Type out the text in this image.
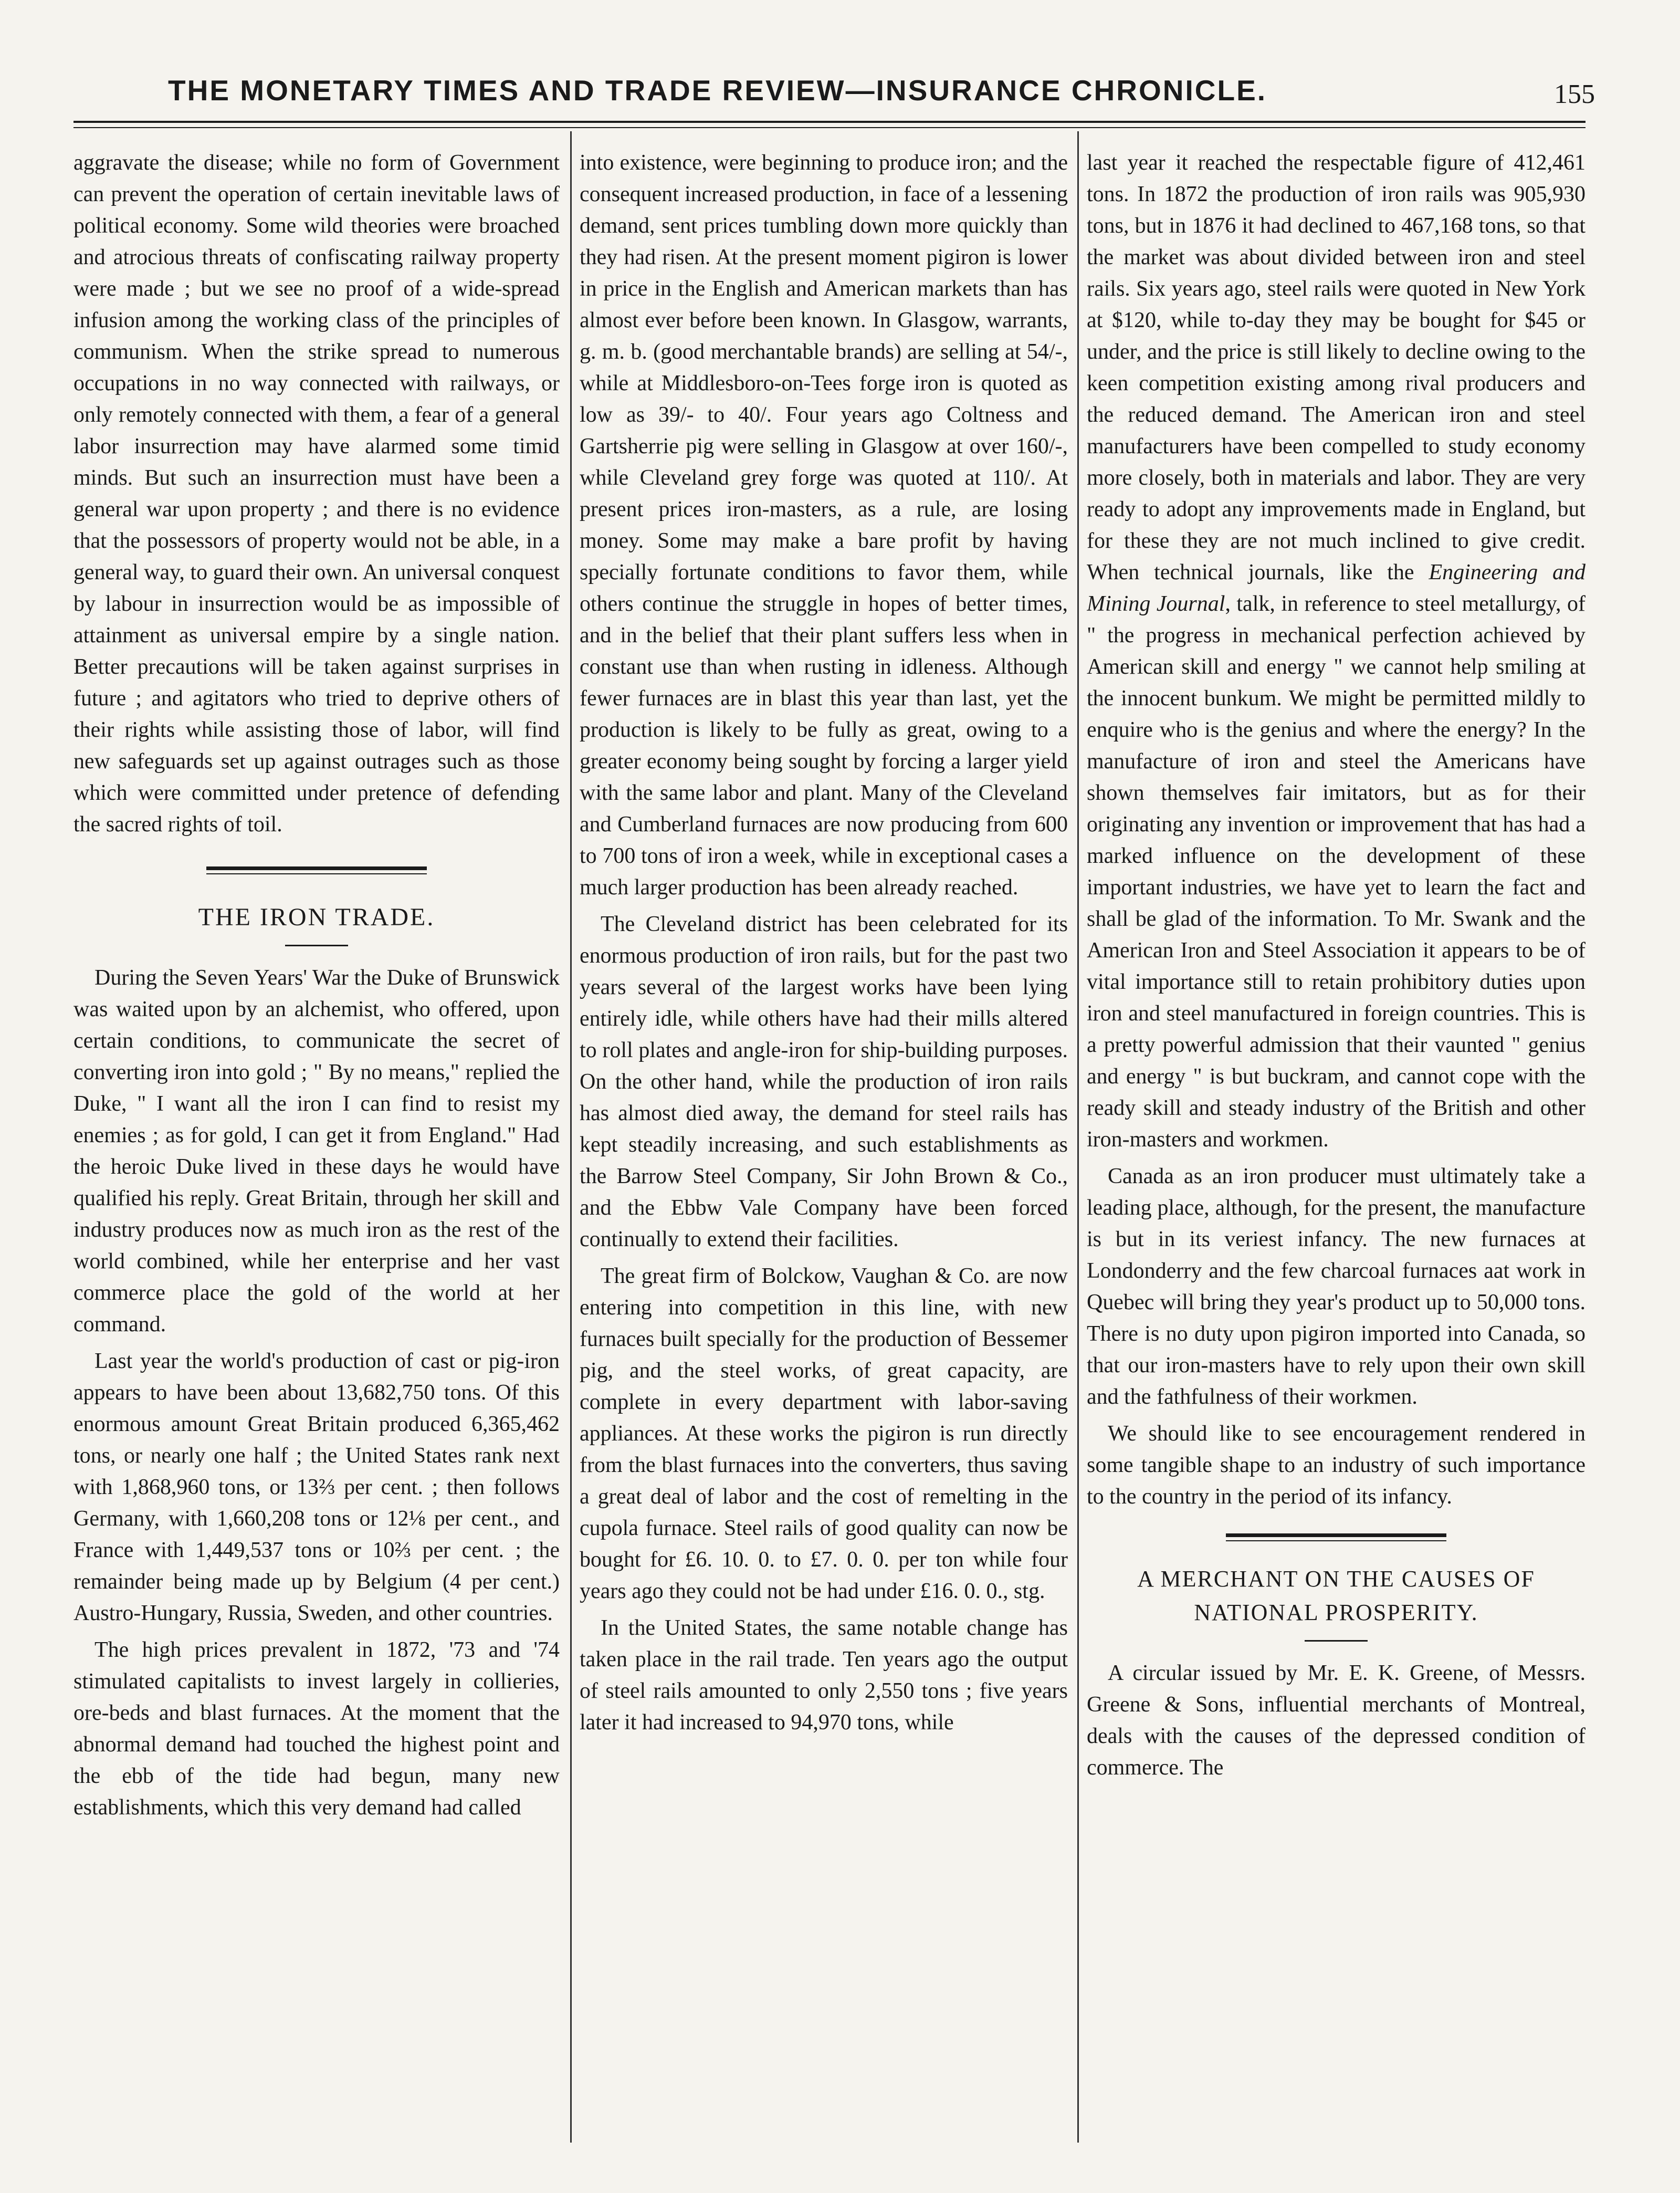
THE MONETARY TIMES AND TRADE REVIEW—INSURANCE CHRONICLE.	155

aggravate the disease; while no form of Government can prevent the operation of certain inevitable laws of political economy. Some wild theories were broached and atrocious threats of confiscating railway property were made ; but we see no proof of a wide-spread infusion among the working class of the principles of communism. When the strike spread to numerous occupations in no way connected with railways, or only remotely connected with them, a fear of a general labor insurrection may have alarmed some timid minds. But such an insurrection must have been a general war upon property ; and there is no evidence that the possessors of property would not be able, in a general way, to guard their own. An universal conquest by labour in insurrection would be as impossible of attainment as universal empire by a single nation. Better precautions will be taken against surprises in future ; and agitators who tried to deprive others of their rights while assisting those of labor, will find new safeguards set up against outrages such as those which were committed under pretence of defending the sacred rights of toil.

THE IRON TRADE.

During the Seven Years' War the Duke of Brunswick was waited upon by an alchemist, who offered, upon certain conditions, to communicate the secret of converting iron into gold ; " By no means," replied the Duke, " I want all the iron I can find to resist my enemies ; as for gold, I can get it from England." Had the heroic Duke lived in these days he would have qualified his reply. Great Britain, through her skill and industry produces now as much iron as the rest of the world combined, while her enterprise and her vast commerce place the gold of the world at her command.

Last year the world's production of cast or pig-iron appears to have been about 13,682,750 tons. Of this enormous amount Great Britain produced 6,365,462 tons, or nearly one half ; the United States rank next with 1,868,960 tons, or 13⅔ per cent. ; then follows Germany, with 1,660,208 tons or 12⅛ per cent., and France with 1,449,537 tons or 10⅔ per cent. ; the remainder being made up by Belgium (4 per cent.) Austro-Hungary, Russia, Sweden, and other countries.

The high prices prevalent in 1872, '73 and '74 stimulated capitalists to invest largely in collieries, ore-beds and blast furnaces. At the moment that the abnormal demand had touched the highest point and the ebb of the tide had begun, many new establishments, which this very demand had called

into existence, were beginning to produce iron; and the consequent increased production, in face of a lessening demand, sent prices tumbling down more quickly than they had risen. At the present moment pigiron is lower in price in the English and American markets than has almost ever before been known. In Glasgow, warrants, g. m. b. (good merchantable brands) are selling at 54/-, while at Middlesboro-on-Tees forge iron is quoted as low as 39/- to 40/. Four years ago Coltness and Gartsherrie pig were selling in Glasgow at over 160/-, while Cleveland grey forge was quoted at 110/. At present prices iron-masters, as a rule, are losing money. Some may make a bare profit by having specially fortunate conditions to favor them, while others continue the struggle in hopes of better times, and in the belief that their plant suffers less when in constant use than when rusting in idleness. Although fewer furnaces are in blast this year than last, yet the production is likely to be fully as great, owing to a greater economy being sought by forcing a larger yield with the same labor and plant. Many of the Cleveland and Cumberland furnaces are now producing from 600 to 700 tons of iron a week, while in exceptional cases a much larger production has been already reached.

The Cleveland district has been celebrated for its enormous production of iron rails, but for the past two years several of the largest works have been lying entirely idle, while others have had their mills altered to roll plates and angle-iron for ship-building purposes. On the other hand, while the production of iron rails has almost died away, the demand for steel rails has kept steadily increasing, and such establishments as the Barrow Steel Company, Sir John Brown & Co., and the Ebbw Vale Company have been forced continually to extend their facilities.

The great firm of Bolckow, Vaughan & Co. are now entering into competition in this line, with new furnaces built specially for the production of Bessemer pig, and the steel works, of great capacity, are complete in every department with labor-saving appliances. At these works the pigiron is run directly from the blast furnaces into the converters, thus saving a great deal of labor and the cost of remelting in the cupola furnace. Steel rails of good quality can now be bought for £6. 10. 0. to £7. 0. 0. per ton while four years ago they could not be had under £16. 0. 0., stg.

In the United States, the same notable change has taken place in the rail trade. Ten years ago the output of steel rails amounted to only 2,550 tons ; five years later it had increased to 94,970 tons, while

last year it reached the respectable figure of 412,461 tons. In 1872 the production of iron rails was 905,930 tons, but in 1876 it had declined to 467,168 tons, so that the market was about divided between iron and steel rails. Six years ago, steel rails were quoted in New York at $120, while to-day they may be bought for $45 or under, and the price is still likely to decline owing to the keen competition existing among rival producers and the reduced demand. The American iron and steel manufacturers have been compelled to study economy more closely, both in materials and labor. They are very ready to adopt any improvements made in England, but for these they are not much inclined to give credit. When technical journals, like the Engineering and Mining Journal, talk, in reference to steel metallurgy, of " the progress in mechanical perfection achieved by American skill and energy " we cannot help smiling at the innocent bunkum. We might be permitted mildly to enquire who is the genius and where the energy? In the manufacture of iron and steel the Americans have shown themselves fair imitators, but as for their originating any invention or improvement that has had a marked influence on the development of these important industries, we have yet to learn the fact and shall be glad of the information. To Mr. Swank and the American Iron and Steel Association it appears to be of vital importance still to retain prohibitory duties upon iron and steel manufactured in foreign countries. This is a pretty powerful admission that their vaunted " genius and energy " is but buckram, and cannot cope with the ready skill and steady industry of the British and other iron-masters and workmen.

Canada as an iron producer must ultimately take a leading place, although, for the present, the manufacture is but in its veriest infancy. The new furnaces at Londonderry and the few charcoal furnaces aat work in Quebec will bring they year's product up to 50,000 tons. There is no duty upon pigiron imported into Canada, so that our iron-masters have to rely upon their own skill and the fathfulness of their workmen.

We should like to see encouragement rendered in some tangible shape to an industry of such importance to the country in the period of its infancy.

A MERCHANT ON THE CAUSES OF NATIONAL PROSPERITY.

A circular issued by Mr. E. K. Greene, of Messrs. Greene & Sons, influential merchants of Montreal, deals with the causes of the depressed condition of commerce. The
